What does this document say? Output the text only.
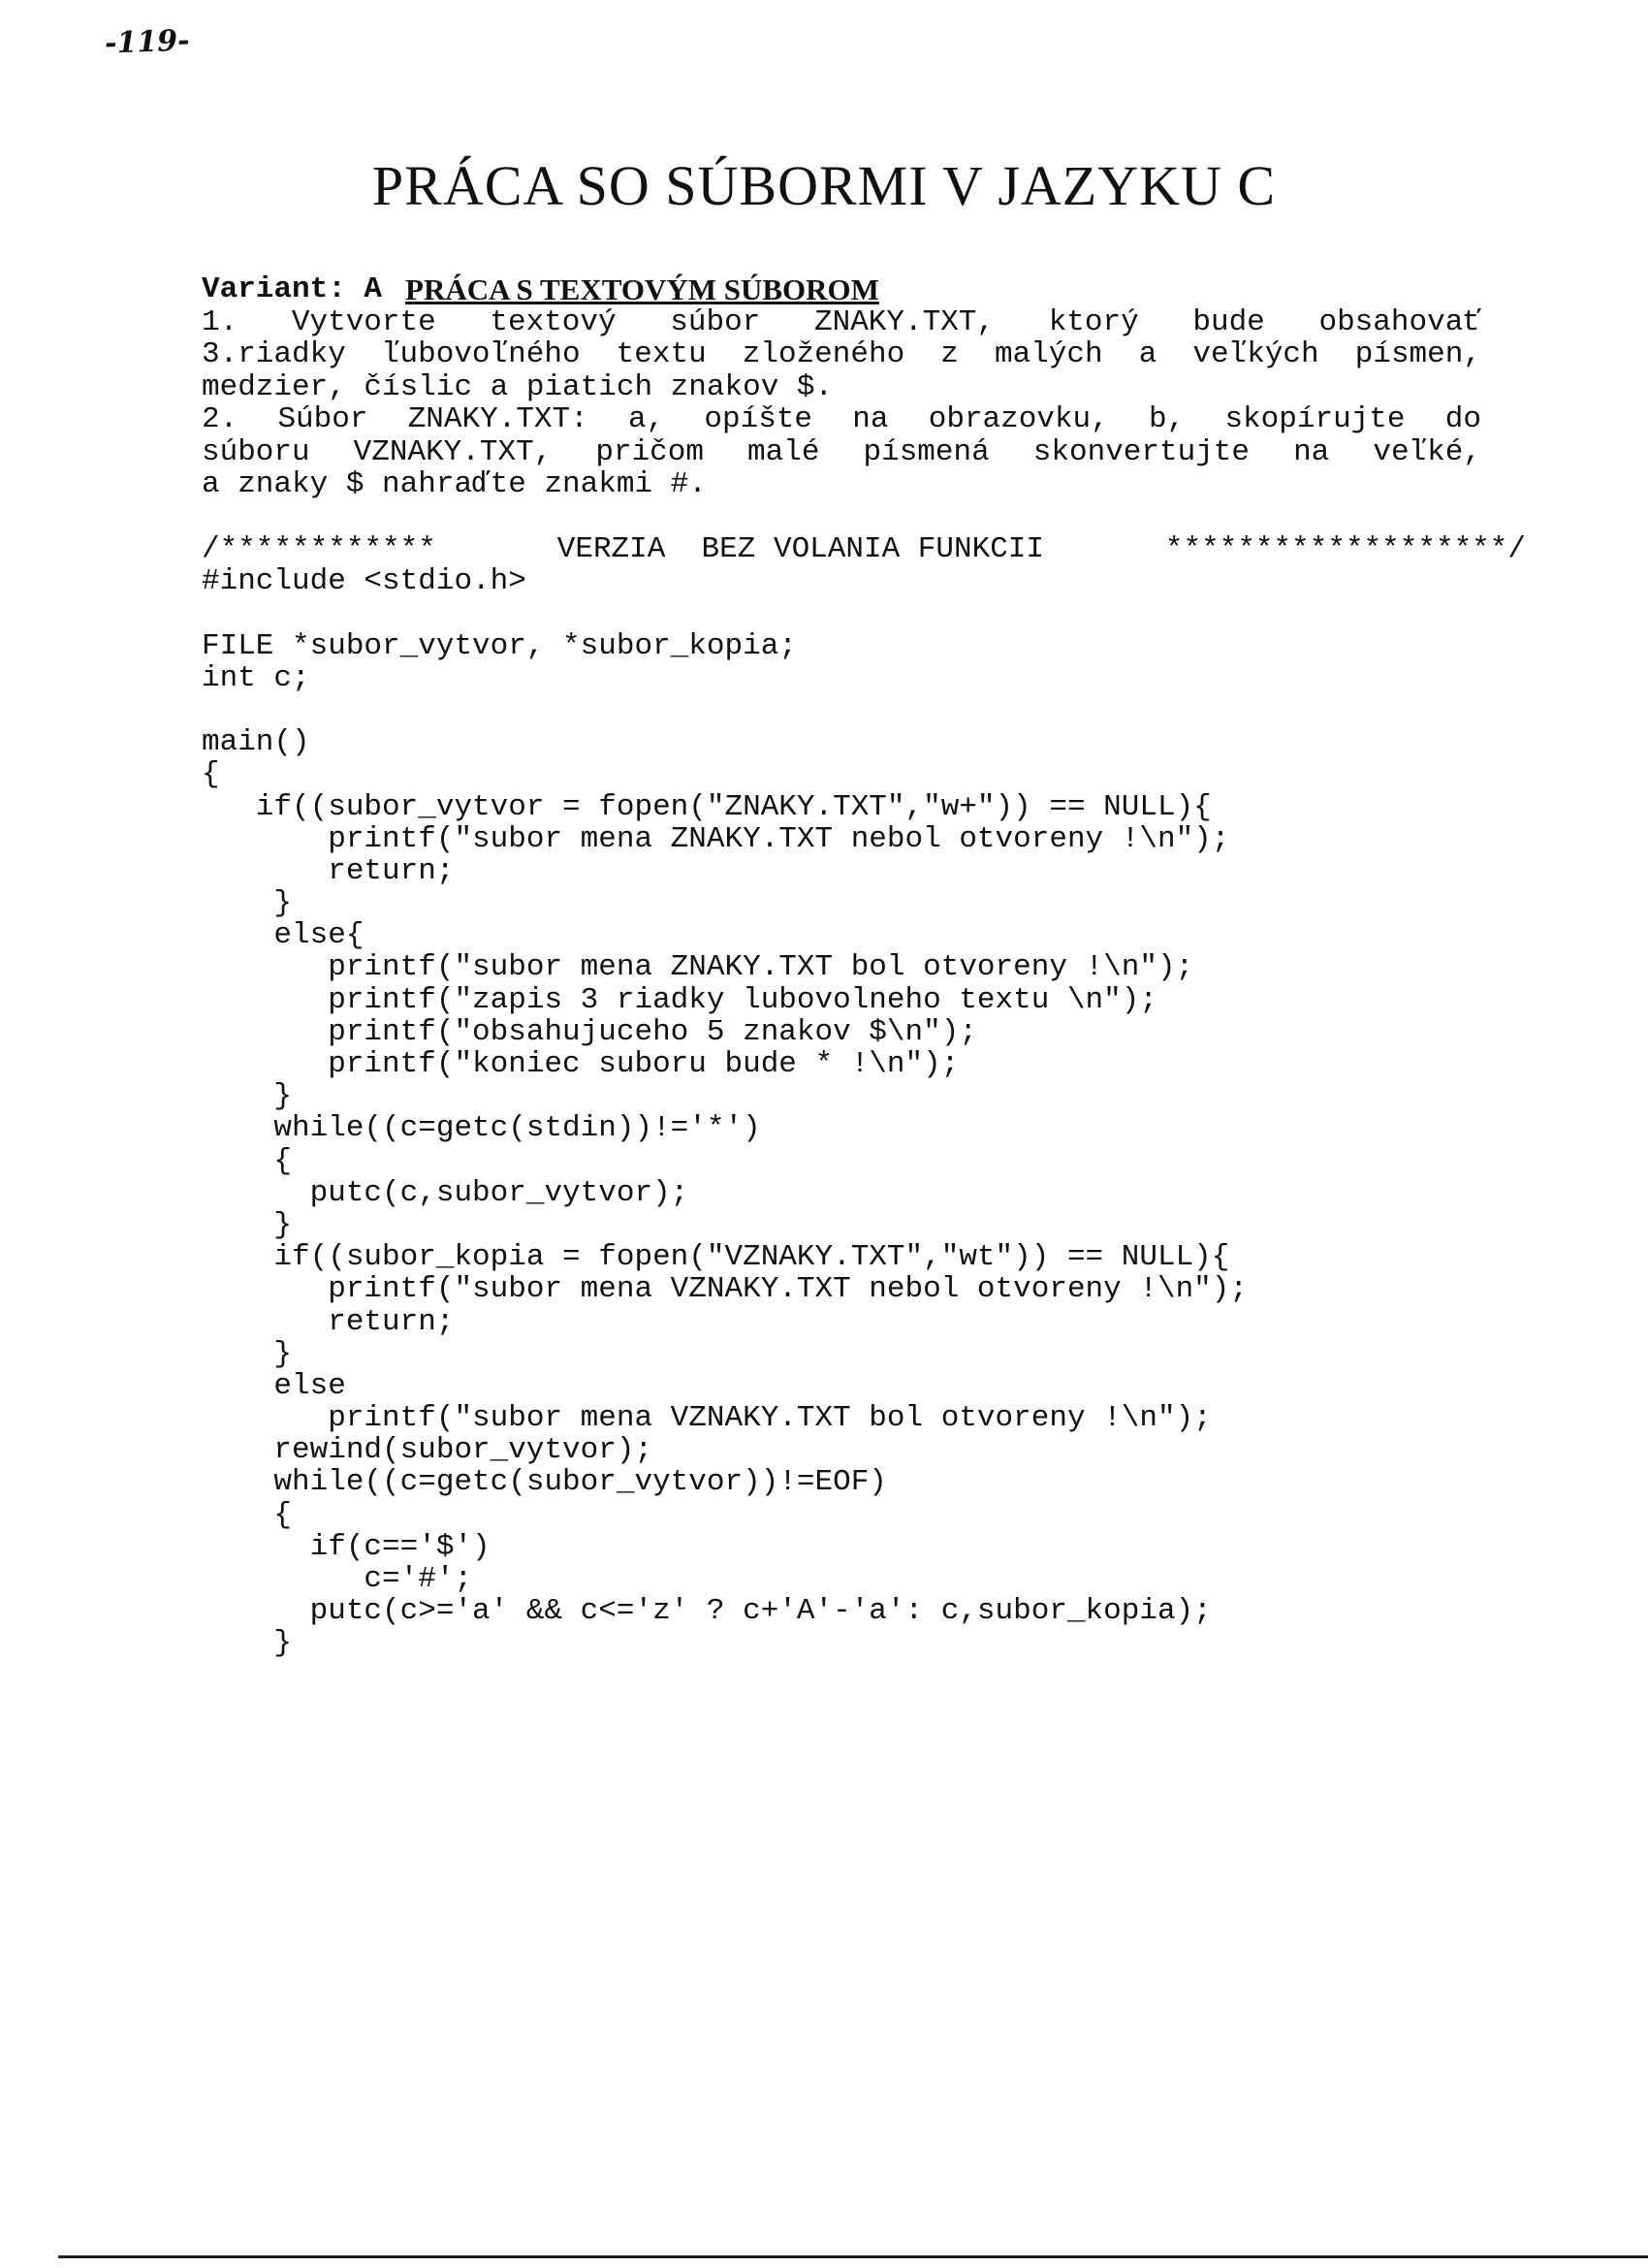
-119-
PRÁCA SO SÚBORMI V JAZYKU C
Variant: A PRÁCA S TEXTOVÝM SÚBOROM
1. Vytvorte textový súbor ZNAKY.TXT, ktorý bude obsahovať
3.riadky ľubovoľného textu zloženého z malých a veľkých písmen,
medzier, číslic a piatich znakov $.
2. Súbor ZNAKY.TXT: a, opíšte na obrazovku, b, skopírujte do
súboru VZNAKY.TXT, pričom malé písmená skonvertujte na veľké,
a znaky $ nahraďte znakmi #.
/************	VERZIA  BEZ VOLANIA FUNKCII	*******************/
#include <stdio.h>
FILE *subor_vytvor, *subor_kopia;
int c;
main()
{
if((subor_vytvor = fopen("ZNAKY.TXT","w+")) == NULL){
printf("subor mena ZNAKY.TXT nebol otvoreny !\n");
return;
}
else{
printf("subor mena ZNAKY.TXT bol otvoreny !\n");
printf("zapis 3 riadky lubovolneho textu \n");
printf("obsahujuceho 5 znakov $\n");
printf("koniec suboru bude * !\n");
}
while((c=getc(stdin))!='*')
{
putc(c,subor_vytvor);
}
if((subor_kopia = fopen("VZNAKY.TXT","wt")) == NULL){
printf("subor mena VZNAKY.TXT nebol otvoreny !\n");
return;
}
else
printf("subor mena VZNAKY.TXT bol otvoreny !\n");
rewind(subor_vytvor);
while((c=getc(subor_vytvor))!=EOF)
{
if(c=='$')
c='#';
putc(c>='a' && c<='z' ? c+'A'-'a': c,subor_kopia);
}
